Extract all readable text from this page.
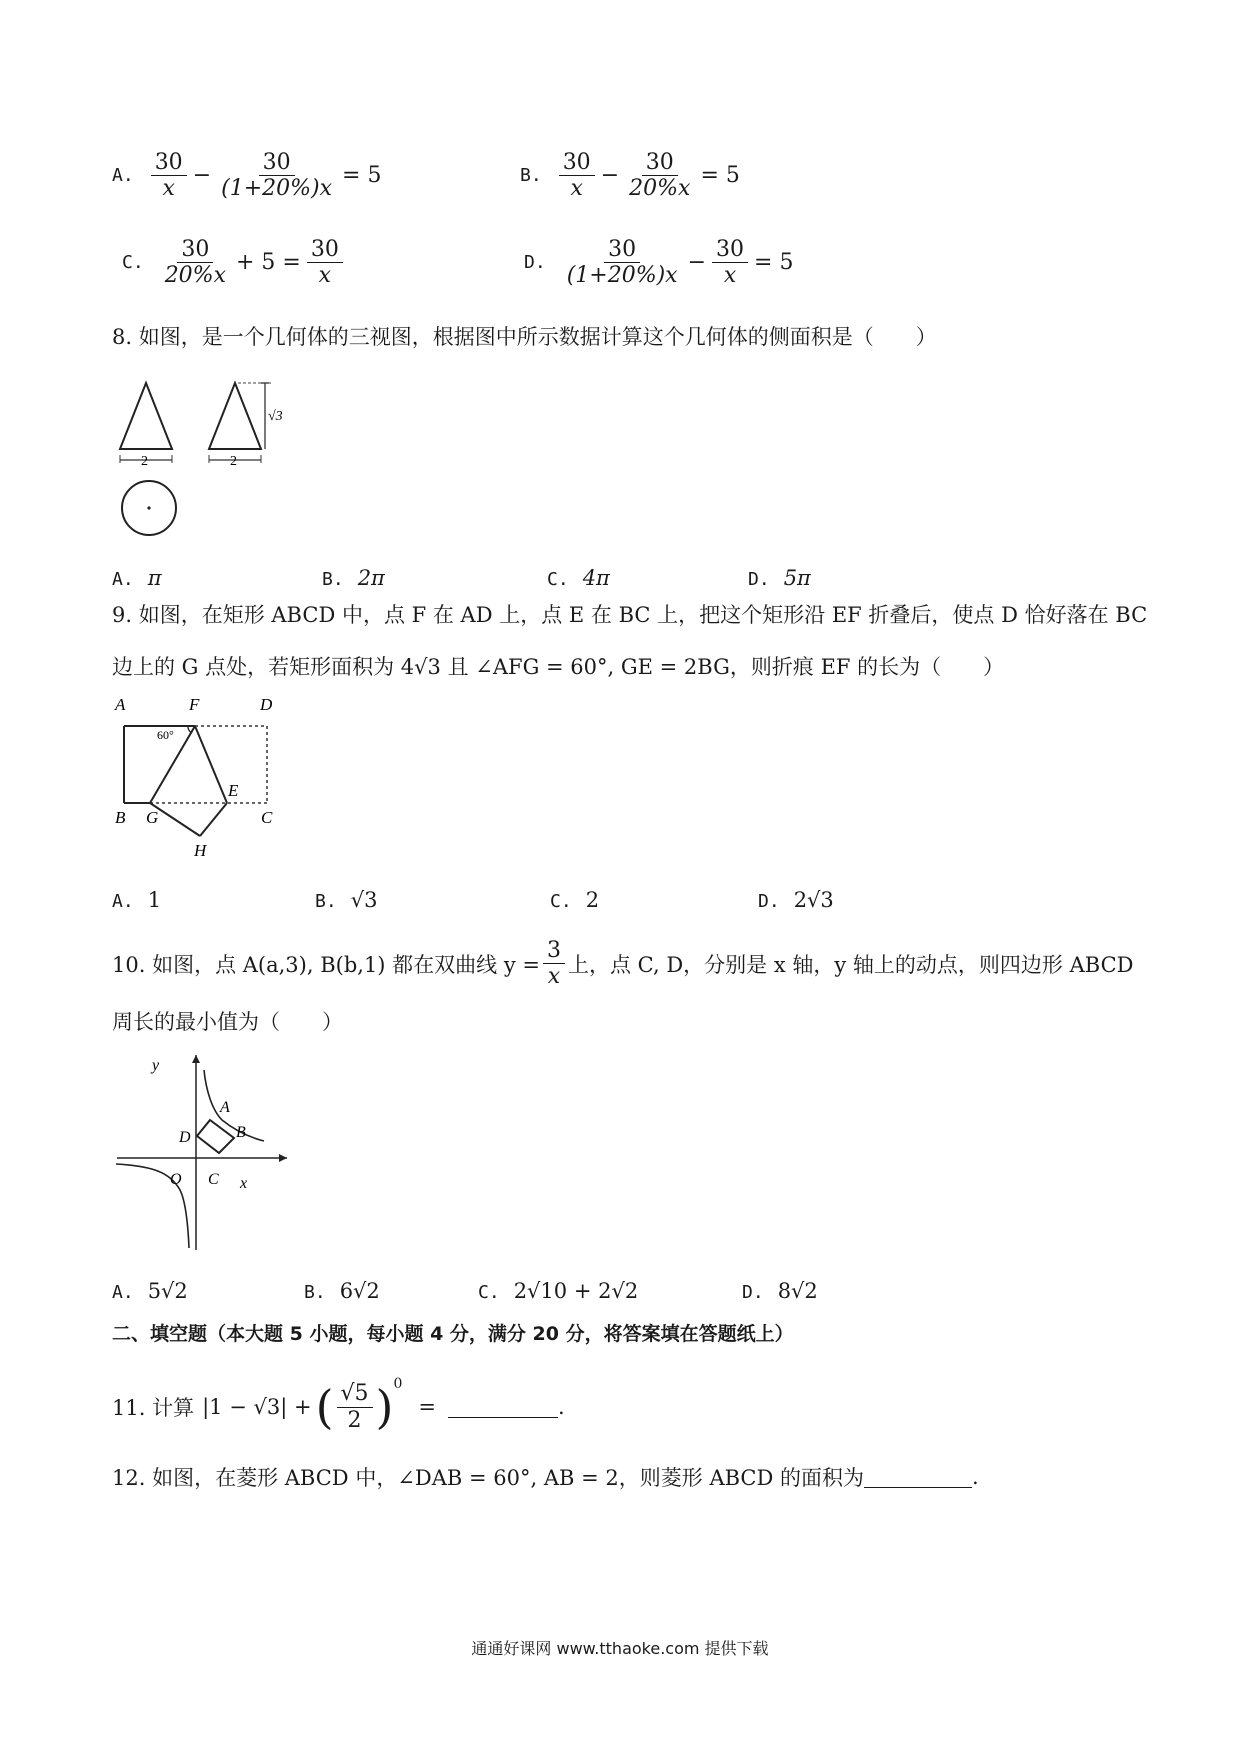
A. $\frac{30}{x} - \frac{30}{(1+20\%)x} = 5$	B. $\frac{30}{x} - \frac{30}{20\%x} = 5$
C. $\frac{30}{20\%x} + 5 = \frac{30}{x}$	D. $\frac{30}{(1+20\%)x} - \frac{30}{x} = 5$
8. 如图，是一个几何体的三视图，根据图中所示数据计算这个几何体的侧面积是（　　）
√3
2	2
A. π	B. 2π	C. 4π	D. 5π
9. 如图，在矩形 ABCD 中，点 F 在 AD 上，点 E 在 BC 上，把这个矩形沿 EF 折叠后，使点 D 恰好落在 BC
边上的 G 点处，若矩形面积为 4√3 且 ∠AFG = 60°, GE = 2BG，则折痕 EF 的长为（　　）
A	F	D
60°
E
B G	C
H
A. 1	B. √3	C. 2	D. 2√3
10. 如图，点 A(a,3), B(b,1) 都在双曲线 $y = \frac{3}{x}$ 上，点 C, D，分别是 x 轴，y 轴上的动点，则四边形 ABCD
周长的最小值为（　　）
y
x
O
A
B
C
D
A. 5√2	B. 6√2	C. 2√10 + 2√2	D. 8√2
二、填空题（本大题 5 小题，每小题 4 分，满分 20 分，将答案填在答题纸上）
11. 计算 |1 − √3| + ( $\frac{√5}{2}$ ) 0
=	.
12. 如图，在菱形 ABCD 中，∠DAB = 60°, AB = 2，则菱形 ABCD 的面积为	.
通通好课网 www.tthaoke.com 提供下载
